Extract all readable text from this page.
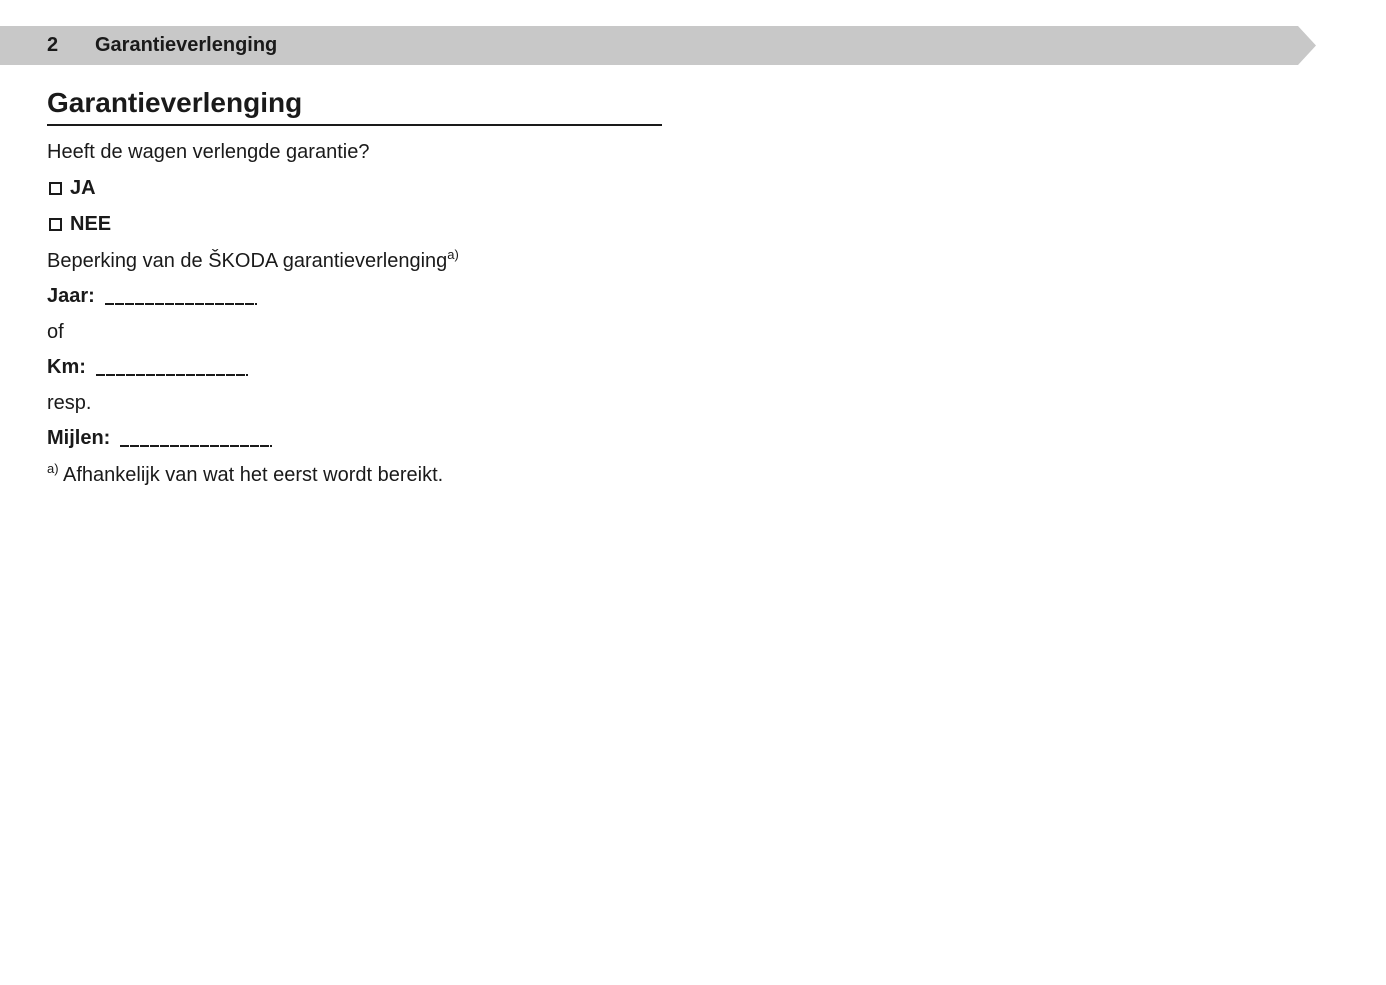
2 Garantieverlenging
Garantieverlenging
Heeft de wagen verlengde garantie?
JA
NEE
Beperking van de ŠKODA garantieverlenging$^{a)}$
Jaar:
of
Km:
resp.
Mijlen:
$^{a)}$ Afhankelijk van wat het eerst wordt bereikt.
